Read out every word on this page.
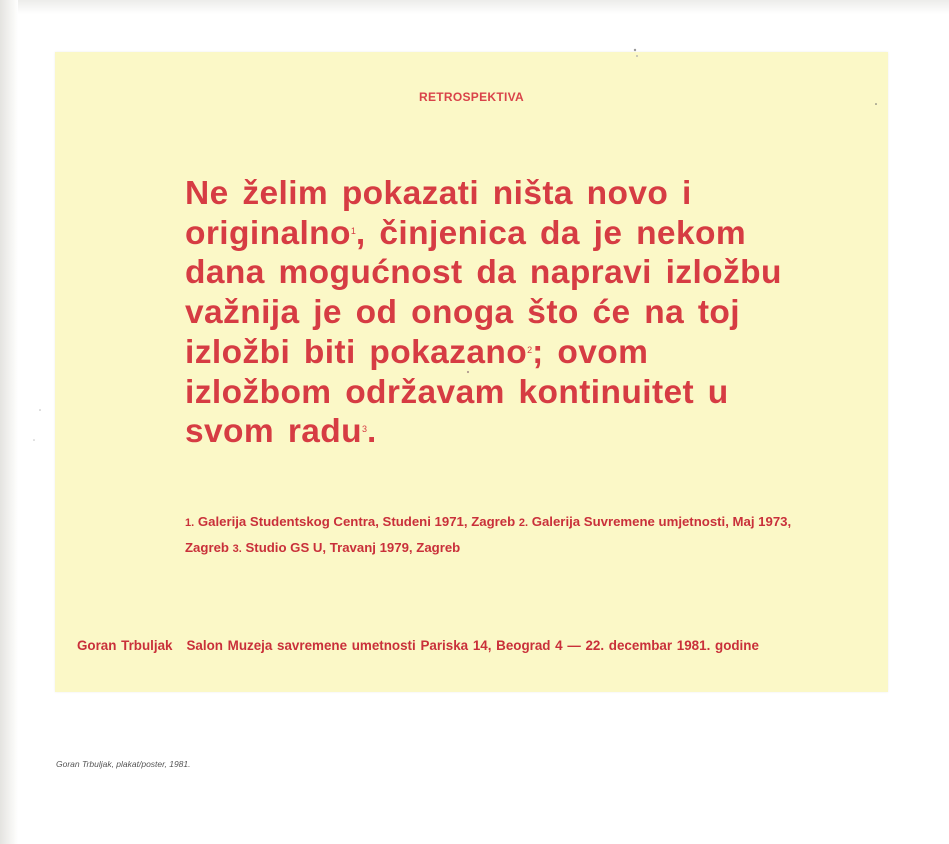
RETROSPEKTIVA
Ne želim pokazati ništa novo i originalno$^1$, činjenica da je nekom dana mogućnost da napravi izložbu važnija je od onoga što će na toj izložbi biti pokazano$^2$; ovom izložbom održavam kontinuitet u svom radu$^3$.
1. Galerija Studentskog Centra, Studeni 1971, Zagreb 2. Galerija Suvremene umjetnosti, Maj 1973, Zagreb 3. Studio GS U, Travanj 1979, Zagreb
Goran Trbuljak Salon Muzeja savremene umetnosti Pariska 14, Beograd 4 — 22. decembar 1981. godine
Goran Trbuljak, plakat/poster, 1981.
